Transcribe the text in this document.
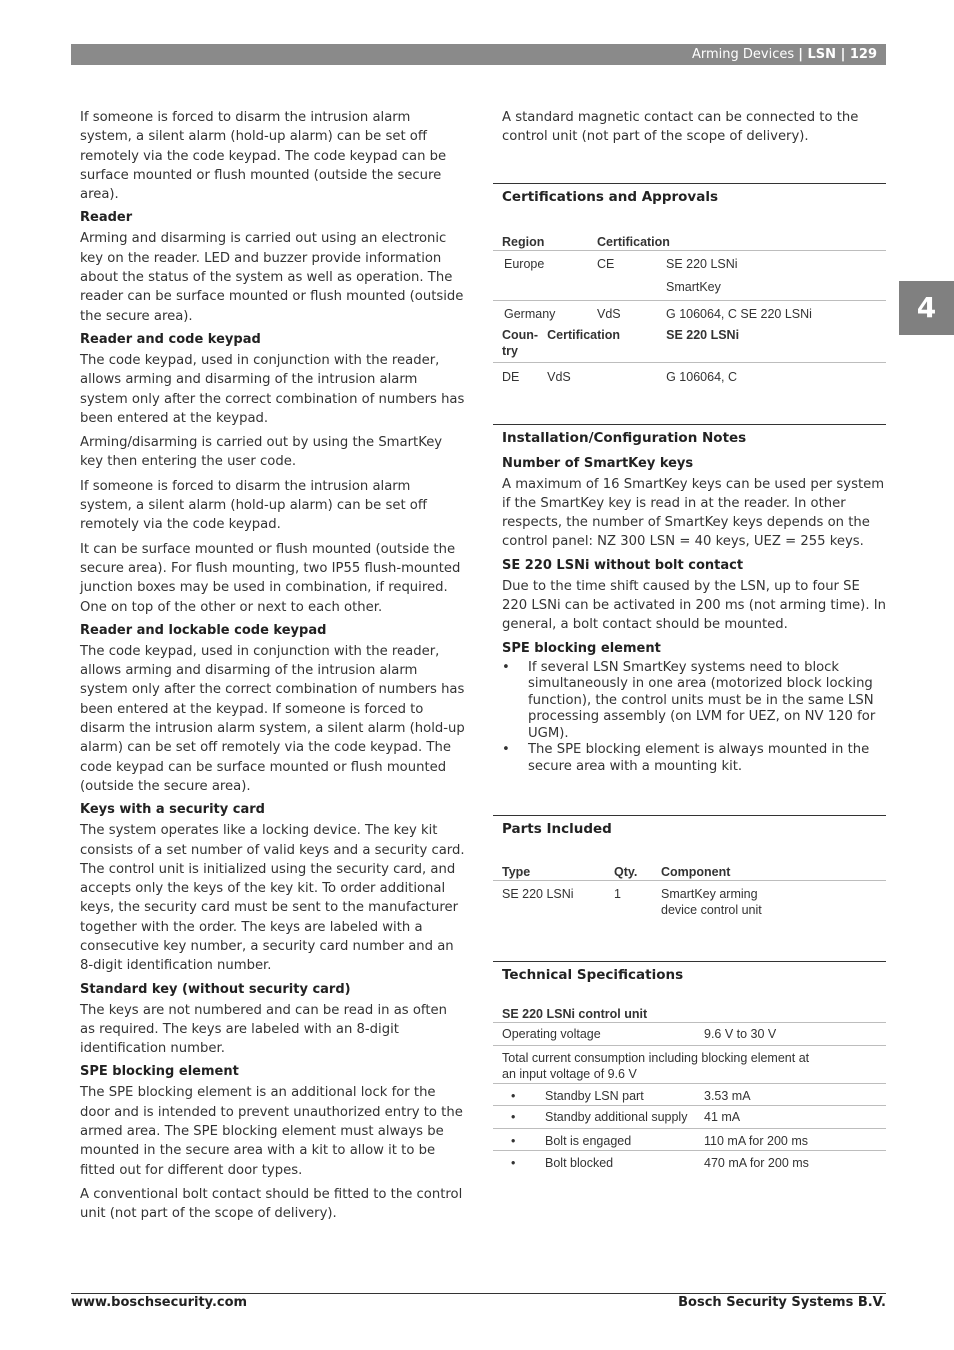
Arming Devices | LSN | 129
4

If someone is forced to disarm the intrusion alarm system, a silent alarm (hold-up alarm) can be set off remotely via the code keypad. The code keypad can be surface mounted or flush mounted (outside the secure area).

Reader

Arming and disarming is carried out using an electronic key on the reader. LED and buzzer provide information about the status of the system as well as operation. The reader can be surface mounted or flush mounted (outside the secure area).

Reader and code keypad

The code keypad, used in conjunction with the reader, allows arming and disarming of the intrusion alarm system only after the correct combination of numbers has been entered at the keypad.

Arming/disarming is carried out by using the SmartKey key then entering the user code.

If someone is forced to disarm the intrusion alarm system, a silent alarm (hold-up alarm) can be set off remotely via the code keypad.

It can be surface mounted or flush mounted (outside the secure area). For flush mounting, two IP55 flush-mounted junction boxes may be used in combination, if required. One on top of the other or next to each other.

Reader and lockable code keypad

The code keypad, used in conjunction with the reader, allows arming and disarming of the intrusion alarm system only after the correct combination of numbers has been entered at the keypad. If someone is forced to disarm the intrusion alarm system, a silent alarm (hold-up alarm) can be set off remotely via the code keypad. The code keypad can be surface mounted or flush mounted (outside the secure area).

Keys with a security card

The system operates like a locking device. The key kit consists of a set number of valid keys and a security card. The control unit is initialized using the security card, and accepts only the keys of the key kit. To order additional keys, the security card must be sent to the manufacturer together with the order. The keys are labeled with a consecutive key number, a security card number and an 8-digit identification number.

Standard key (without security card)

The keys are not numbered and can be read in as often as required. The keys are labeled with an 8-digit identification number.

SPE blocking element

The SPE blocking element is an additional lock for the door and is intended to prevent unauthorized entry to the armed area. The SPE blocking element must always be mounted in the secure area with a kit to allow it to be fitted out for different door types.

A conventional bolt contact should be fitted to the control unit (not part of the scope of delivery).

A standard magnetic contact can be connected to the control unit (not part of the scope of delivery).

Certifications and Approvals
Region	Certification	
Europe	CE	SE 220 LSNi
		SmartKey
Germany	VdS	G 106064, C SE 220 LSNi
Coun-try	Certification	SE 220 LSNi
DE	VdS	G 106064, C
Installation/Configuration Notes
Number of SmartKey keys

A maximum of 16 SmartKey keys can be used per system if the SmartKey key is read in at the reader. In other respects, the number of SmartKey keys depends on the control panel: NZ 300 LSN = 40 keys, UEZ = 255 keys.

SE 220 LSNi without bolt contact

Due to the time shift caused by the LSN, up to four SE 220 LSNi can be activated in 200 ms (not arming time). In general, a bolt contact should be mounted.

SPE blocking element
•	If several LSN SmartKey systems need to block simultaneously in one area (motorized block locking function), the control units must be in the same LSN processing assembly (on LVM for UEZ, on NV 120 for UGM).
•	The SPE blocking element is always mounted in the secure area with a mounting kit.
Parts Included
Type	Qty.	Component
SE 220 LSNi	1	SmartKey arming device control unit
Technical Specifications
SE 220 LSNi control unit		
Operating voltage		9.6 V to 30 V
Total current consumption including blocking element at an input voltage of 9.6 V		
•	Standby LSN part	3.53 mA
•	Standby additional supply	41 mA
•	Bolt is engaged	110 mA for 200 ms
•	Bolt blocked	470 mA for 200 ms
www.boschsecurity.com	Bosch Security Systems B.V.
